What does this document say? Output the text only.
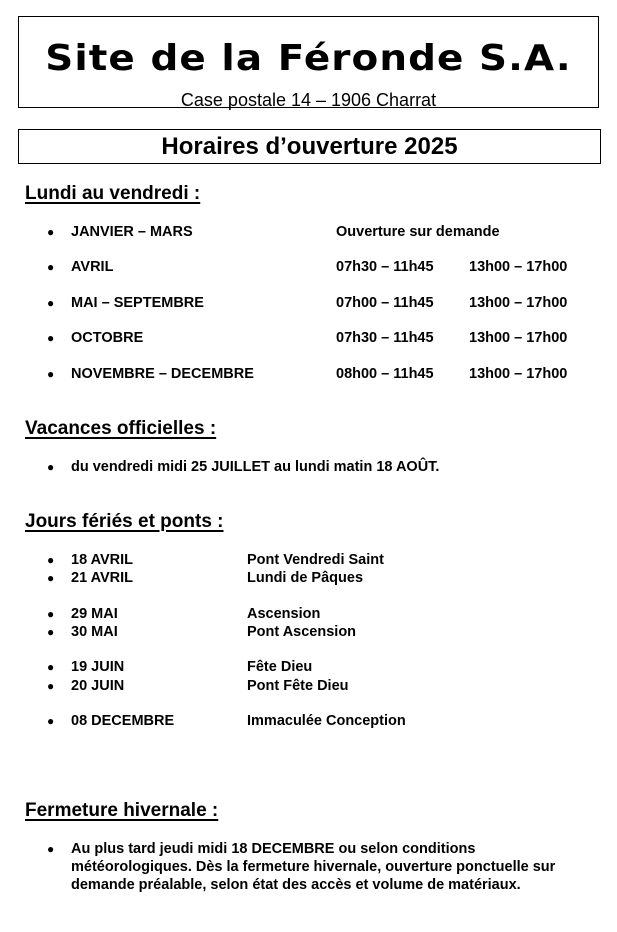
Site de la Féronde S.A.
Case postale 14 – 1906 Charrat
Horaires d’ouverture 2025
Lundi au vendredi :
● JANVIER – MARS	Ouverture sur demande
● AVRIL	07h30 – 11h45 13h00 – 17h00
● MAI – SEPTEMBRE	07h00 – 11h45 13h00 – 17h00
● OCTOBRE	07h30 – 11h45 13h00 – 17h00
● NOVEMBRE – DECEMBRE	08h00 – 11h45 13h00 – 17h00
Vacances officielles :
● du vendredi midi 25 JUILLET au lundi matin 18 AOÛT.
Jours fériés et ponts :
● 18 AVRIL	Pont Vendredi Saint
● 21 AVRIL	Lundi de Pâques
● 29 MAI	Ascension
● 30 MAI	Pont Ascension
● 19 JUIN	Fête Dieu
● 20 JUIN	Pont Fête Dieu
● 08 DECEMBRE	Immaculée Conception
Fermeture hivernale :
● Au plus tard jeudi midi 18 DECEMBRE ou selon conditions
météorologiques. Dès la fermeture hivernale, ouverture ponctuelle sur
demande préalable, selon état des accès et volume de matériaux.
